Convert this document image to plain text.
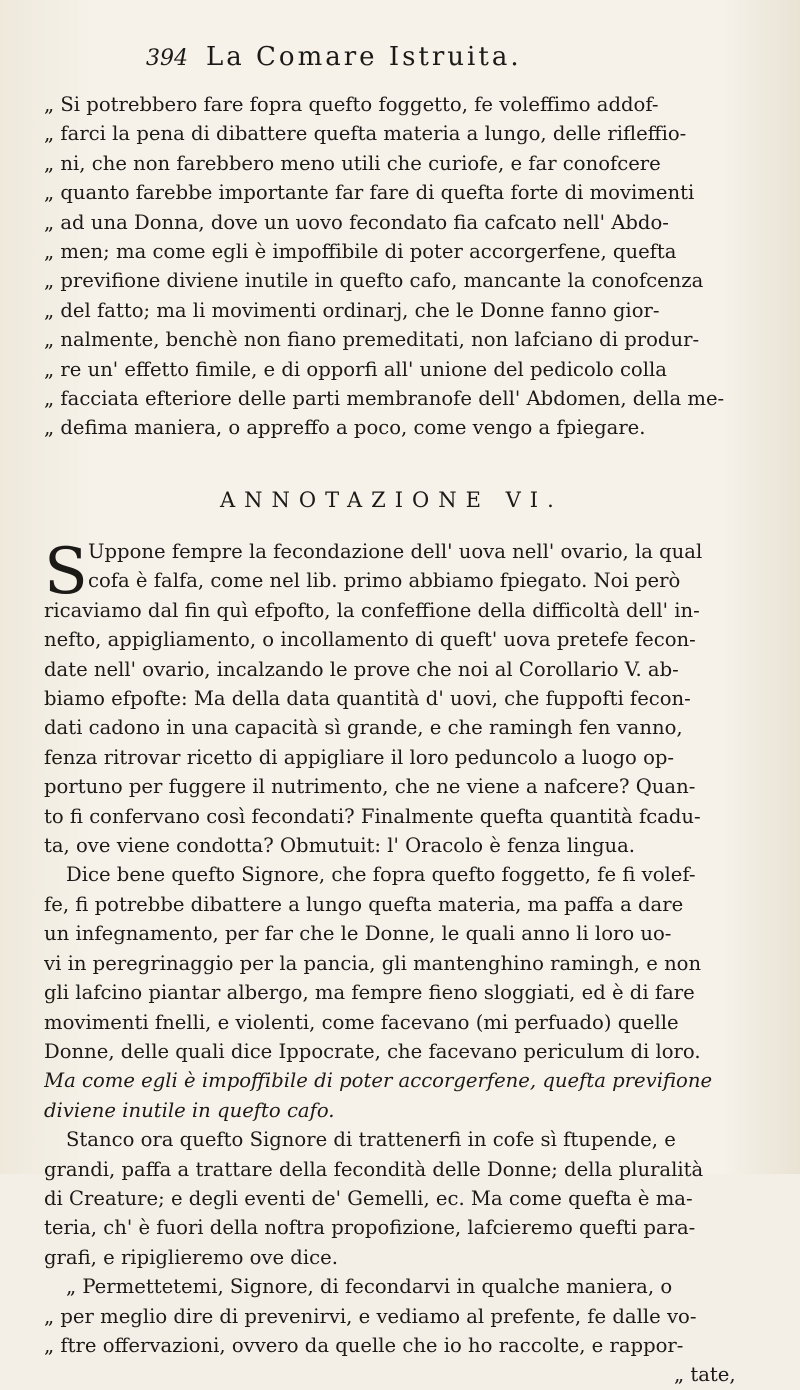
394 La Comare Istruita.
„ Si potrebbero fare fopra quefto foggetto, fe voleffimo addof-
„ farci la pena di dibattere quefta materia a lungo, delle rifleffio-
„ ni, che non farebbero meno utili che curiofe, e far conofcere
„ quanto farebbe importante far fare di quefta forte di movimenti
„ ad una Donna, dove un uovo fecondato fia cafcato nell' Abdo-
„ men; ma come egli è impoffibile di poter accorgerfene, quefta
„ previfione diviene inutile in quefto cafo, mancante la conofcenza
„ del fatto; ma li movimenti ordinarj, che le Donne fanno gior-
„ nalmente, benchè non fiano premeditati, non lafciano di produr-
„ re un' effetto fimile, e di opporfi all' unione del pedicolo colla
„ facciata efteriore delle parti membranofe dell' Abdomen, della me-
„ defima maniera, o appreffo a poco, come vengo a fpiegare.
ANNOTAZIONE VI.
S Uppone fempre la fecondazione dell' uova nell' ovario, la qual
cofa è falfa, come nel lib. primo abbiamo fpiegato. Noi però
ricaviamo dal fin quì efpofto, la confeffione della difficoltà dell' in-
nefto, appigliamento, o incollamento di queft' uova pretefe fecon-
date nell' ovario, incalzando le prove che noi al Corollario V. ab-
biamo efpofte: Ma della data quantità d' uovi, che fuppofti fecon-
dati cadono in una capacità sì grande, e che ramingh fen vanno,
fenza ritrovar ricetto di appigliare il loro peduncolo a luogo op-
portuno per fuggere il nutrimento, che ne viene a nafcere? Quan-
to fi confervano così fecondati? Finalmente quefta quantità fcadu-
ta, ove viene condotta? Obmutuit: l' Oracolo è fenza lingua.
Dice bene quefto Signore, che fopra quefto foggetto, fe fi volef-
fe, fi potrebbe dibattere a lungo quefta materia, ma paffa a dare
un infegnamento, per far che le Donne, le quali anno li loro uo-
vi in peregrinaggio per la pancia, gli mantenghino ramingh, e non
gli lafcino piantar albergo, ma fempre fieno sloggiati, ed è di fare
movimenti fnelli, e violenti, come facevano (mi perfuado) quelle
Donne, delle quali dice Ippocrate, che facevano periculum di loro.
Ma come egli è impoffibile di poter accorgerfene, quefta previfione
diviene inutile in quefto cafo.
Stanco ora quefto Signore di trattenerfi in cofe sì ftupende, e
grandi, paffa a trattare della fecondità delle Donne; della pluralità
di Creature; e degli eventi de' Gemelli, ec. Ma come quefta è ma-
teria, ch' è fuori della noftra propofizione, lafcieremo quefti para-
grafi, e ripiglieremo ove dice.
„ Permettetemi, Signore, di fecondarvi in qualche maniera, o
„ per meglio dire di prevenirvi, e vediamo al prefente, fe dalle vo-
„ ftre offervazioni, ovvero da quelle che io ho raccolte, e rappor-
„ tate,
